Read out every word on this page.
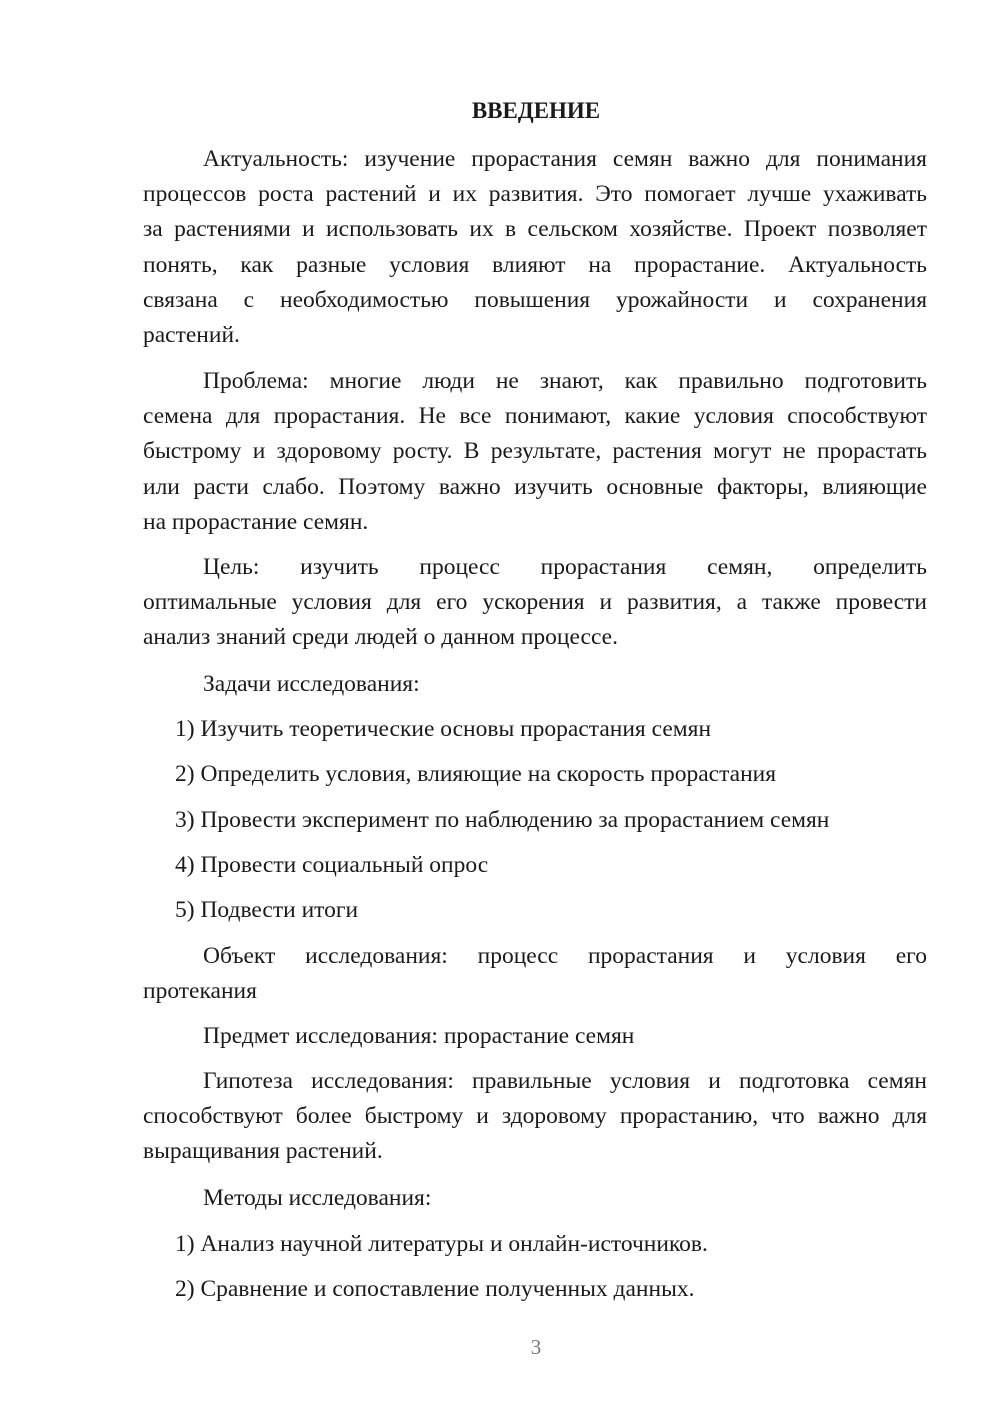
ВВЕДЕНИЕ
Актуальность: изучение прорастания семян важно для понимания
процессов роста растений и их развития. Это помогает лучше ухаживать
за растениями и использовать их в сельском хозяйстве. Проект позволяет
понять, как разные условия влияют на прорастание. Актуальность
связана с необходимостью повышения урожайности и сохранения
растений.
Проблема: многие люди не знают, как правильно подготовить
семена для прорастания. Не все понимают, какие условия способствуют
быстрому и здоровому росту. В результате, растения могут не прорастать
или расти слабо. Поэтому важно изучить основные факторы, влияющие
на прорастание семян.
Цель: изучить процесс прорастания семян, определить
оптимальные условия для его ускорения и развития, а также провести
анализ знаний среди людей о данном процессе.
Задачи исследования:
1) Изучить теоретические основы прорастания семян
2) Определить условия, влияющие на скорость прорастания
3) Провести эксперимент по наблюдению за прорастанием семян
4) Провести социальный опрос
5) Подвести итоги
Объект исследования: процесс прорастания и условия его
протекания
Предмет исследования: прорастание семян
Гипотеза исследования: правильные условия и подготовка семян
способствуют более быстрому и здоровому прорастанию, что важно для
выращивания растений.
Методы исследования:
1) Анализ научной литературы и онлайн-источников.
2) Сравнение и сопоставление полученных данных.
3
